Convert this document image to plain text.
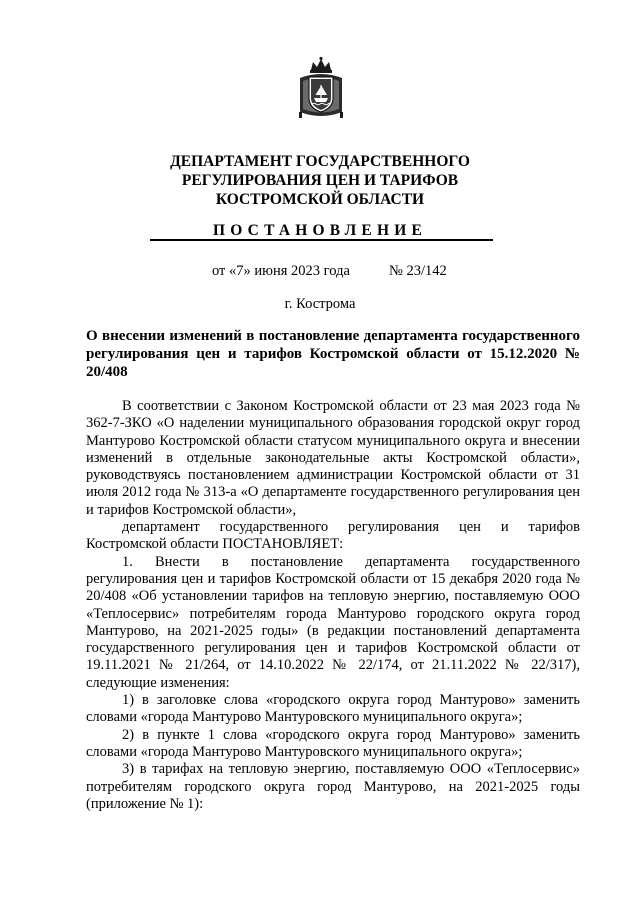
ДЕПАРТАМЕНТ ГОСУДАРСТВЕННОГО
РЕГУЛИРОВАНИЯ ЦЕН И ТАРИФОВ
КОСТРОМСКОЙ ОБЛАСТИ
ПОСТАНОВЛЕНИЕ
от «7» июня 2023 года	№ 23/142
г. Кострома
О внесении изменений в постановление департамента государственного регулирования цен и тарифов Костромской области от 15.12.2020 № 20/408

В соответствии с Законом Костромской области от 23 мая 2023 года № 362-7-ЗКО «О наделении муниципального образования городской округ город Мантурово Костромской области статусом муниципального округа и внесении изменений в отдельные законодательные акты Костромской области», руководствуясь постановлением администрации Костромской области от 31 июля 2012 года № 313-а «О департаменте государственного регулирования цен и тарифов Костромской области»,

департамент государственного регулирования цен и тарифов Костромской области ПОСТАНОВЛЯЕТ:

1. Внести в постановление департамента государственного регулирования цен и тарифов Костромской области от 15 декабря 2020 года № 20/408 «Об установлении тарифов на тепловую энергию, поставляемую ООО «Теплосервис» потребителям города Мантурово городского округа город Мантурово, на 2021-2025 годы» (в редакции постановлений департамента государственного регулирования цен и тарифов Костромской области от 19.11.2021 № 21/264, от 14.10.2022 № 22/174, от 21.11.2022 № 22/317), следующие изменения:

1) в заголовке слова «городского округа город Мантурово» заменить словами «города Мантурово Мантуровского муниципального округа»;

2) в пункте 1 слова «городского округа город Мантурово» заменить словами «города Мантурово Мантуровского муниципального округа»;

3) в тарифах на тепловую энергию, поставляемую ООО «Теплосервис» потребителям городского округа город Мантурово, на 2021-2025 годы (приложение № 1):
